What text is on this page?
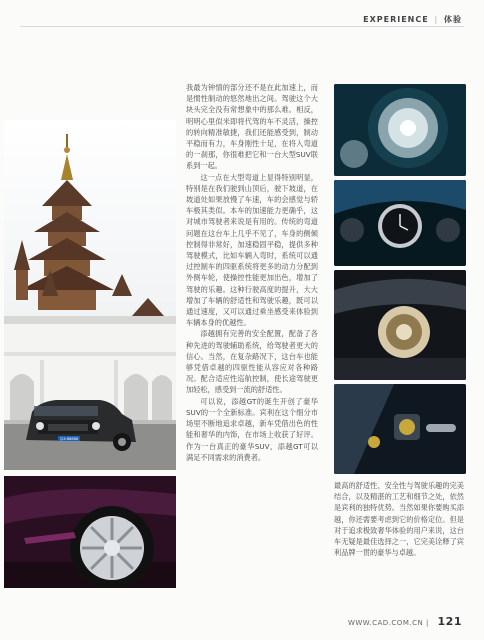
EXPERIENCE | 体验
京A·88888

我最为钟情的部分还不是在此加速上，而是惯性制动的悠然地出之间。驾驶这个大块头完全没有常想象中的那么难。相反，明明心里似米即将代驾的车不灵活，操控的转向精准敏捷，我们还能感受到，制动平稳而有力，车身刚性十足，在将入弯道的一刹那，你很难把它和一台大型SUV联系到一起。

这一点在大型弯道上显得特别明显，特别是在我们驶到山顶后，驶下坡道，在坡道处如果放慢了车速，车的会感觉与轿车极其类似。本车的加速能力更确乎，这对城市驾驶者来说是有用的。传统的弯道问题在这台车上几乎不见了，车身的侧倾控制得非常好，加速稳固平稳，提供多种驾驶模式，比如车辆入弯时，系统可以通过控制车的四驱系统将更多的动力分配到外侧车轮，使操控性能更加出色，增加了驾驶的乐趣。这种行驶高度的提升，大大增加了车辆的舒适性和驾驶乐趣，既可以通过速度，又可以通过乘坐感受来体验到车辆本身的优越性。

添越拥有完善的安全配置，配备了各种先进的驾驶辅助系统，给驾驶者更大的信心。当然，在复杂路况下，这台车也能够凭借卓越的四驱性能从容应对各种路况。配合适应性巡航控制，使长途驾驶更加轻松，感受到一流的舒适性。

可以说，添越GT的诞生开创了豪华SUV的一个全新标准。宾利在这个细分市场里不断地追求卓越，新车凭借出色的性能和奢华的内饰，在市场上收获了好评。作为一台真正的豪华SUV，添越GT可以满足不同需求的消费者。

最高的舒适性、安全性与驾驶乐趣的完美结合，以及精湛的工艺和细节之处，依然是宾利的独特优势。当然如果你要购买添越，你还需要考虑到它的价格定位。但是对于追求极致奢华体验的用户来说，这台车无疑是最佳选择之一，它完美诠释了宾利品牌一贯的豪华与卓越。

WWW.CAD.COM.CN | 121
